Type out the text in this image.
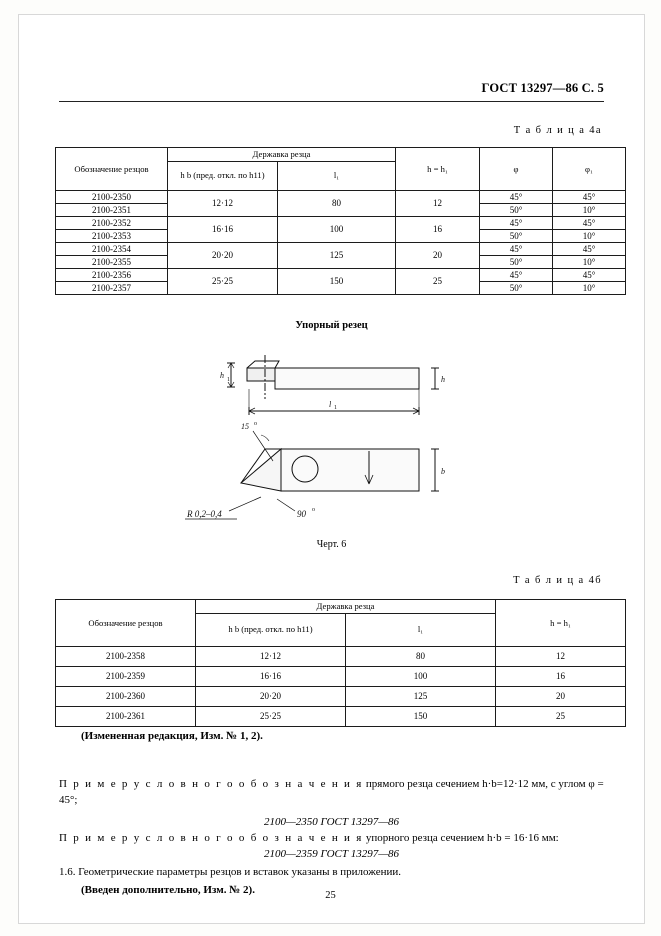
ГОСТ 13297—86 С. 5
Т а б л и ц а 4а
Обозначение резцов	Державка резца		h = h₁	φ	φ₁
	h b (пред. откл. по h11)	l₁			
2100-2350	12·12	80	12	45°	45°
2100-2351				50°	10°
2100-2352	16·16	100	16	45°	45°
2100-2353				50°	10°
2100-2354	20·20	125	20	45°	45°
2100-2355				50°	10°
2100-2356	25·25	150	25	45°	45°
2100-2357				50°	10°
Упорный резец
h 1	h
l 1
15 о
b
R 0,2–0,4	90 о
Черт. 6
Т а б л и ц а 4б
Обозначение резцов	Державка резца		h = h₁
	h b (пред. откл. по h11)	l₁	
2100-2358	12·12	80	12
2100-2359	16·16	100	16
2100-2360	20·20	125	20
2100-2361	25·25	150	25
(Измененная редакция, Изм. № 1, 2).
П р и м е р у с л о в н о г о о б о з н а ч е н и я прямого резца сечением h·b=12·12 мм, с углом φ = 45°;
2100—2350 ГОСТ 13297—86
П р и м е р у с л о в н о г о о б о з н а ч е н и я упорного резца сечением h·b = 16·16 мм:
2100—2359 ГОСТ 13297—86
1.6. Геометрические параметры резцов и вставок указаны в приложении.
(Введен дополнительно, Изм. № 2).	25
